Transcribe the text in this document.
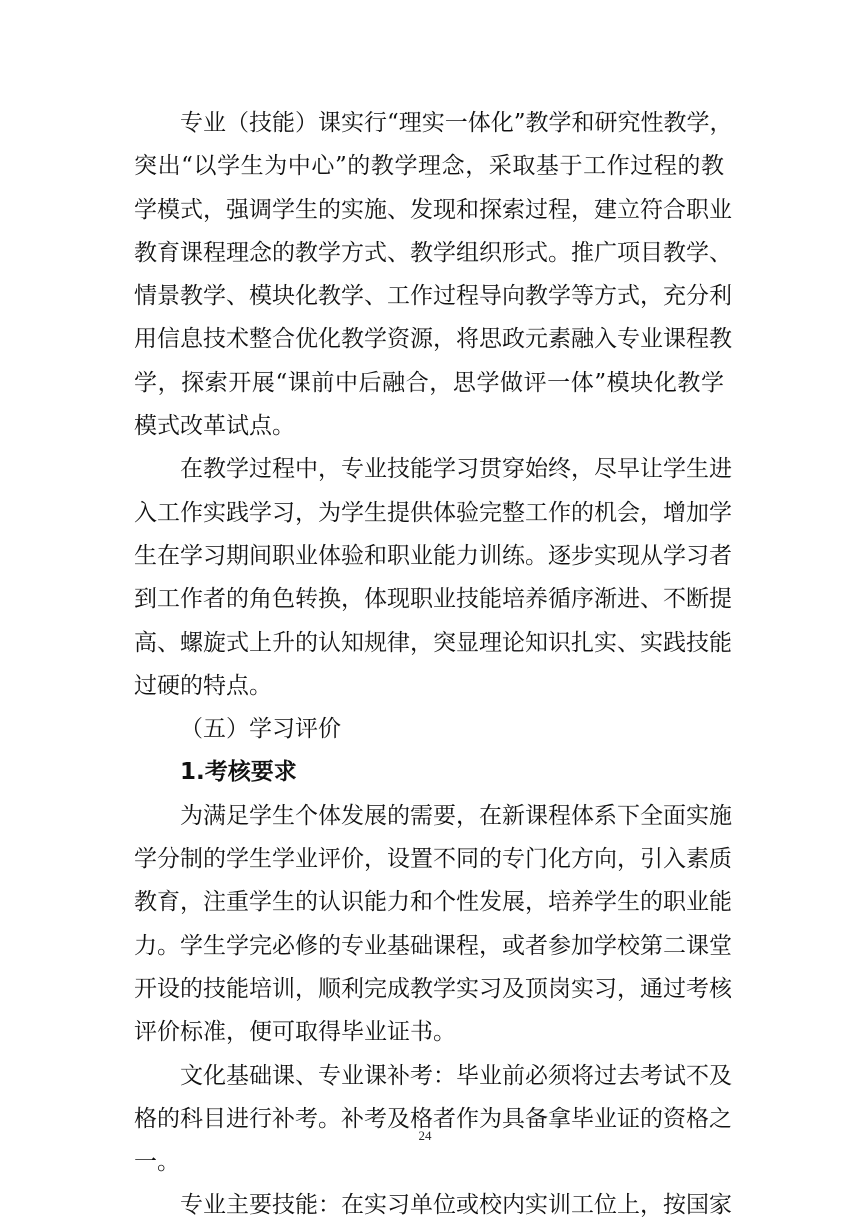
专业（技能）课实行“理实一体化”教学和研究性教学，
突出“以学生为中心”的教学理念，采取基于工作过程的教
学模式，强调学生的实施、发现和探索过程，建立符合职业
教育课程理念的教学方式、教学组织形式。推广项目教学、
情景教学、模块化教学、工作过程导向教学等方式，充分利
用信息技术整合优化教学资源，将思政元素融入专业课程教
学，探索开展“课前中后融合，思学做评一体”模块化教学
模式改革试点。
在教学过程中，专业技能学习贯穿始终，尽早让学生进
入工作实践学习，为学生提供体验完整工作的机会，增加学
生在学习期间职业体验和职业能力训练。逐步实现从学习者
到工作者的角色转换，体现职业技能培养循序渐进、不断提
高、螺旋式上升的认知规律，突显理论知识扎实、实践技能
过硬的特点。
（五）学习评价
1.考核要求
为满足学生个体发展的需要，在新课程体系下全面实施
学分制的学生学业评价，设置不同的专门化方向，引入素质
教育，注重学生的认识能力和个性发展，培养学生的职业能
力。学生学完必修的专业基础课程，或者参加学校第二课堂
开设的技能培训，顺利完成教学实习及顶岗实习，通过考核
评价标准，便可取得毕业证书。
文化基础课、专业课补考：毕业前必须将过去考试不及
格的科目进行补考。补考及格者作为具备拿毕业证的资格之
一。
专业主要技能：在实习单位或校内实训工位上，按国家
24
